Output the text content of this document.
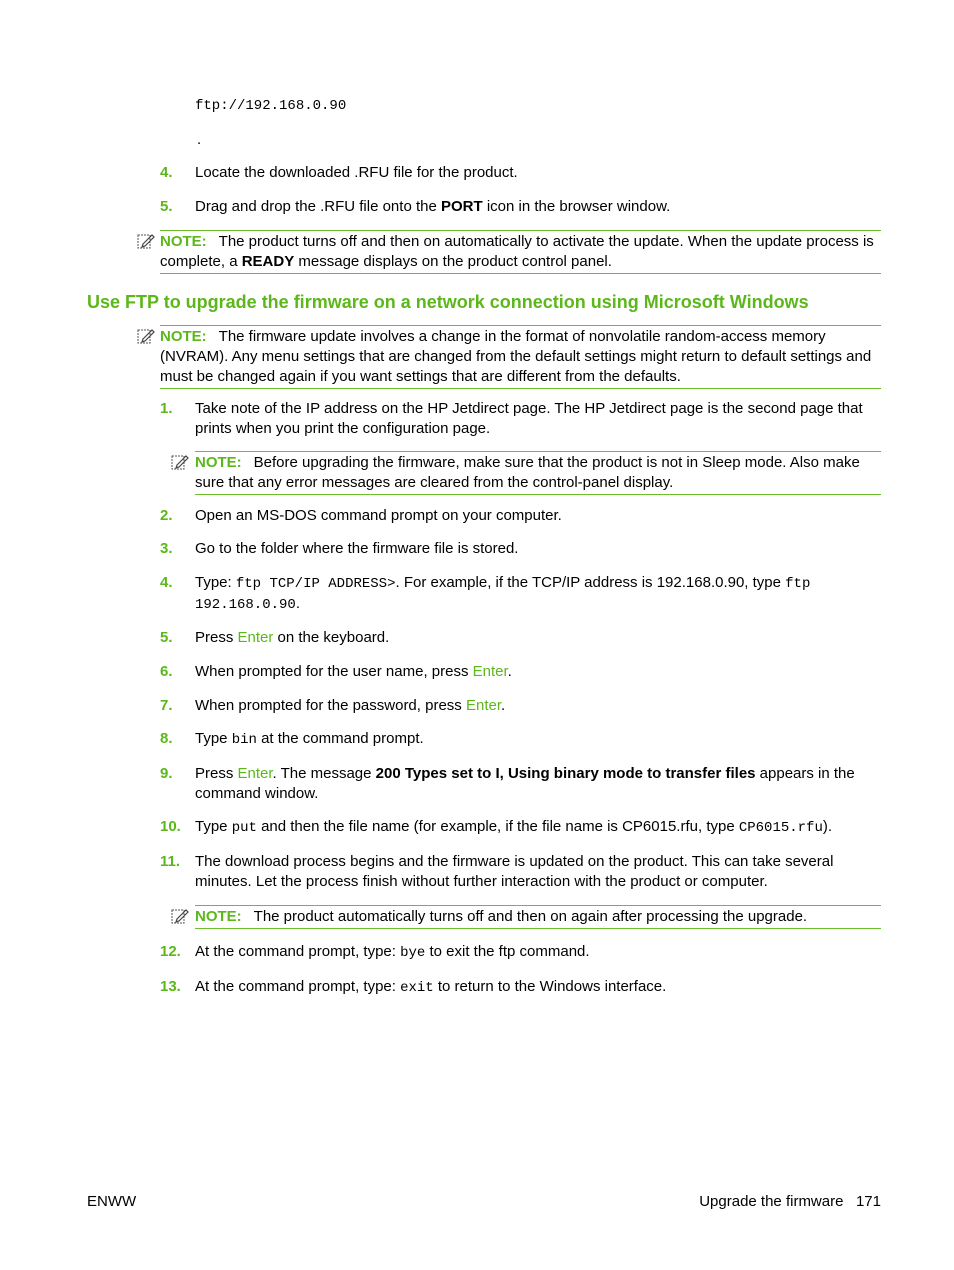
ftp://192.168.0.90
.
4. Locate the downloaded .RFU file for the product.
5. Drag and drop the .RFU file onto the PORT icon in the browser window.
NOTE: The product turns off and then on automatically to activate the update. When the update process is complete, a READY message displays on the product control panel.
Use FTP to upgrade the firmware on a network connection using Microsoft Windows
NOTE: The firmware update involves a change in the format of nonvolatile random-access memory (NVRAM). Any menu settings that are changed from the default settings might return to default settings and must be changed again if you want settings that are different from the defaults.
1. Take note of the IP address on the HP Jetdirect page. The HP Jetdirect page is the second page that prints when you print the configuration page.
NOTE: Before upgrading the firmware, make sure that the product is not in Sleep mode. Also make sure that any error messages are cleared from the control-panel display.
2. Open an MS-DOS command prompt on your computer.
3. Go to the folder where the firmware file is stored.
4. Type: ftp TCP/IP ADDRESS>. For example, if the TCP/IP address is 192.168.0.90, type ftp 192.168.0.90.
5. Press Enter on the keyboard.
6. When prompted for the user name, press Enter.
7. When prompted for the password, press Enter.
8. Type bin at the command prompt.
9. Press Enter. The message 200 Types set to I, Using binary mode to transfer files appears in the command window.
10. Type put and then the file name (for example, if the file name is CP6015.rfu, type CP6015.rfu).
11. The download process begins and the firmware is updated on the product. This can take several minutes. Let the process finish without further interaction with the product or computer.
NOTE: The product automatically turns off and then on again after processing the upgrade.
12. At the command prompt, type: bye to exit the ftp command.
13. At the command prompt, type: exit to return to the Windows interface.
ENWW	Upgrade the firmware 171
